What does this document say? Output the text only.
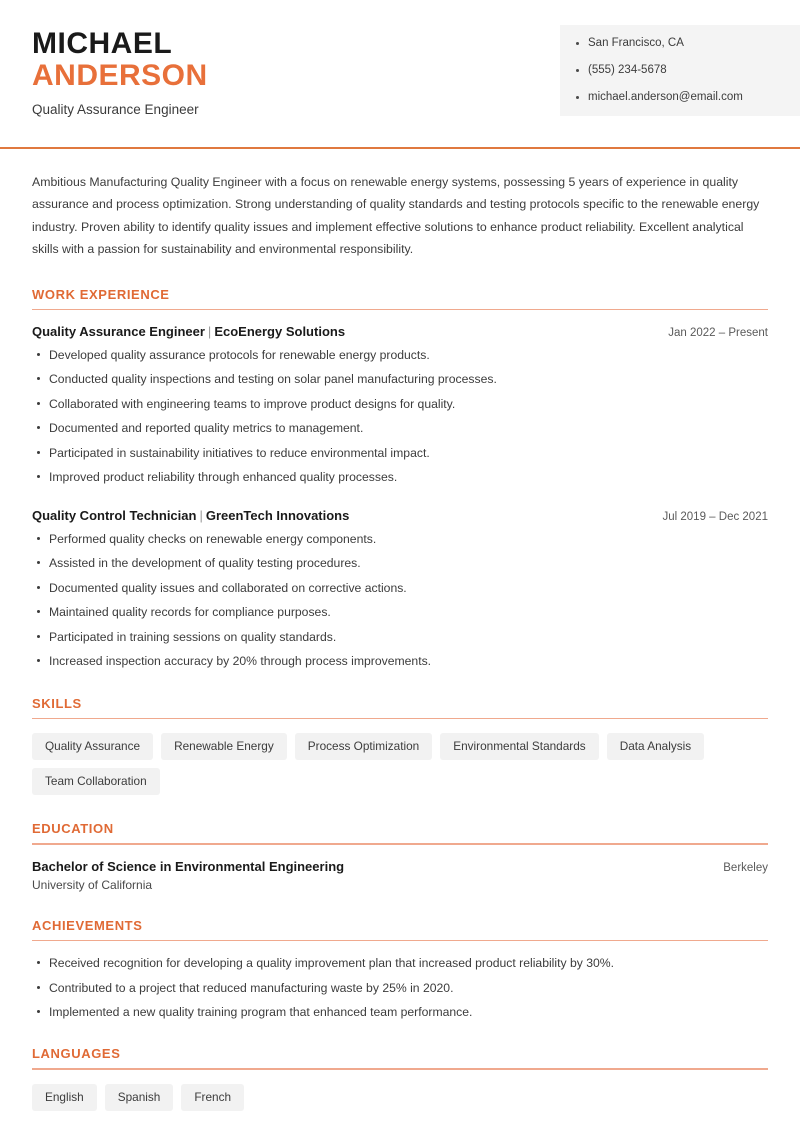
MICHAEL
ANDERSON
Quality Assurance Engineer
San Francisco, CA
(555) 234-5678
michael.anderson@email.com

Ambitious Manufacturing Quality Engineer with a focus on renewable energy systems, possessing 5 years of experience in quality assurance and process optimization. Strong understanding of quality standards and testing protocols specific to the renewable energy industry. Proven ability to identify quality issues and implement effective solutions to enhance product reliability. Excellent analytical skills with a passion for sustainability and environmental responsibility.

WORK EXPERIENCE
Quality Assurance Engineer | EcoEnergy Solutions	Jan 2022 – Present
Developed quality assurance protocols for renewable energy products.
Conducted quality inspections and testing on solar panel manufacturing processes.
Collaborated with engineering teams to improve product designs for quality.
Documented and reported quality metrics to management.
Participated in sustainability initiatives to reduce environmental impact.
Improved product reliability through enhanced quality processes.
Quality Control Technician | GreenTech Innovations	Jul 2019 – Dec 2021
Performed quality checks on renewable energy components.
Assisted in the development of quality testing procedures.
Documented quality issues and collaborated on corrective actions.
Maintained quality records for compliance purposes.
Participated in training sessions on quality standards.
Increased inspection accuracy by 20% through process improvements.
SKILLS
Quality Assurance	Renewable Energy	Process Optimization	Environmental Standards	Data Analysis
Team Collaboration
EDUCATION
Bachelor of Science in Environmental Engineering	Berkeley
University of California
ACHIEVEMENTS
Received recognition for developing a quality improvement plan that increased product reliability by 30%.
Contributed to a project that reduced manufacturing waste by 25% in 2020.
Implemented a new quality training program that enhanced team performance.
LANGUAGES
English	Spanish	French
